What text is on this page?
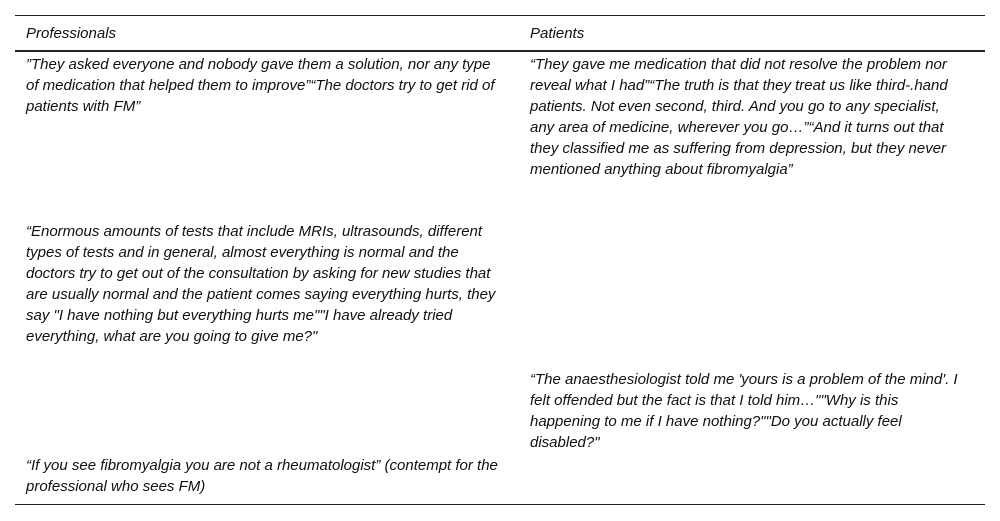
Professionals	Patients
”They asked everyone and nobody gave them a solution, nor any type of medication that helped them to improve”“The doctors try to get rid of patients with FM”	“They gave me medication that did not resolve the problem nor reveal what I had”“The truth is that they treat us like third-.hand patients. Not even second, third. And you go to any specialist, any area of medicine, wherever you go…”“And it turns out that they classified me as suffering from depression, but they never mentioned anything about fibromyalgia”
“Enormous amounts of tests that include MRIs, ultrasounds, different types of tests and in general, almost everything is normal and the doctors try to get out of the consultation by asking for new studies that are usually normal and the patient comes saying everything hurts, they say "I have nothing but everything hurts me""I have already tried everything, what are you going to give me?"	
	“The anaesthesiologist told me 'yours is a problem of the mind'. I felt offended but the fact is that I told him…""Why is this happening to me if I have nothing?""Do you actually feel disabled?"
“If you see fibromyalgia you are not a rheumatologist” (contempt for the professional who sees FM)	
